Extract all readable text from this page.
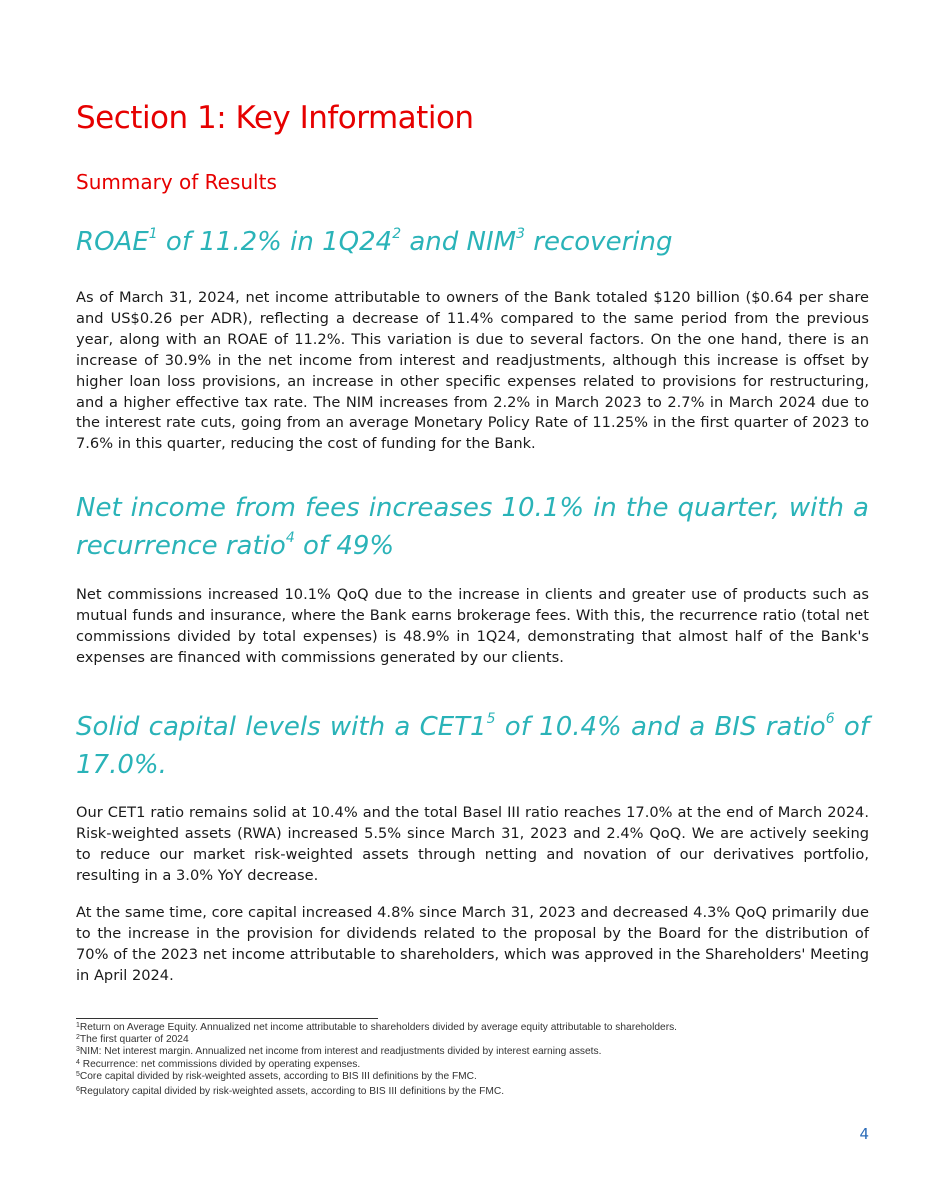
Section 1: Key Information
Summary of Results
ROAE$^1$ of 11.2% in $1Q24^2$ and NIM$^3$ recovering

As of March 31, 2024, net income attributable to owners of the Bank totaled $120 billion ($0.64 per share and US$0.26 per ADR), reflecting a decrease of 11.4% compared to the same period from the previous year, along with an ROAE of 11.2%. This variation is due to several factors. On the one hand, there is an increase of 30.9% in the net income from interest and readjustments, although this increase is offset by higher loan loss provisions, an increase in other specific expenses related to provisions for restructuring, and a higher effective tax rate. The NIM increases from 2.2% in March 2023 to 2.7% in March 2024 due to the interest rate cuts, going from an average Monetary Policy Rate of 11.25% in the first quarter of 2023 to 7.6% in this quarter, reducing the cost of funding for the Bank.

Net income from fees increases 10.1% in the quarter, with a
recurrence ratio$^4$ of 49%

Net commissions increased 10.1% QoQ due to the increase in clients and greater use of products such as mutual funds and insurance, where the Bank earns brokerage fees. With this, the recurrence ratio (total net commissions divided by total expenses) is 48.9% in 1Q24, demonstrating that almost half of the Bank's expenses are financed with commissions generated by our clients.

Solid capital levels with a $CET1^5$ of 10.4% and a BIS ratio$^6$ of
17.0%.

Our CET1 ratio remains solid at 10.4% and the total Basel III ratio reaches 17.0% at the end of March 2024. Risk-weighted assets (RWA) increased 5.5% since March 31, 2023 and 2.4% QoQ. We are actively seeking to reduce our market risk-weighted assets through netting and novation of our derivatives portfolio, resulting in a 3.0% YoY decrease.

At the same time, core capital increased 4.8% since March 31, 2023 and decreased 4.3% QoQ primarily due to the increase in the provision for dividends related to the proposal by the Board for the distribution of 70% of the 2023 net income attributable to shareholders, which was approved in the Shareholders' Meeting in April 2024.

$^1$Return on Average Equity. Annualized net income attributable to shareholders divided by average equity attributable to shareholders.
$^2$The first quarter of 2024
$^3$NIM: Net interest margin. Annualized net income from interest and readjustments divided by interest earning assets.
$^4$ Recurrence: net commissions divided by operating expenses.
$^5$Core capital divided by risk-weighted assets, according to BIS III definitions by the FMC.
$^6$Regulatory capital divided by risk-weighted assets, according to BIS III definitions by the FMC.
4
